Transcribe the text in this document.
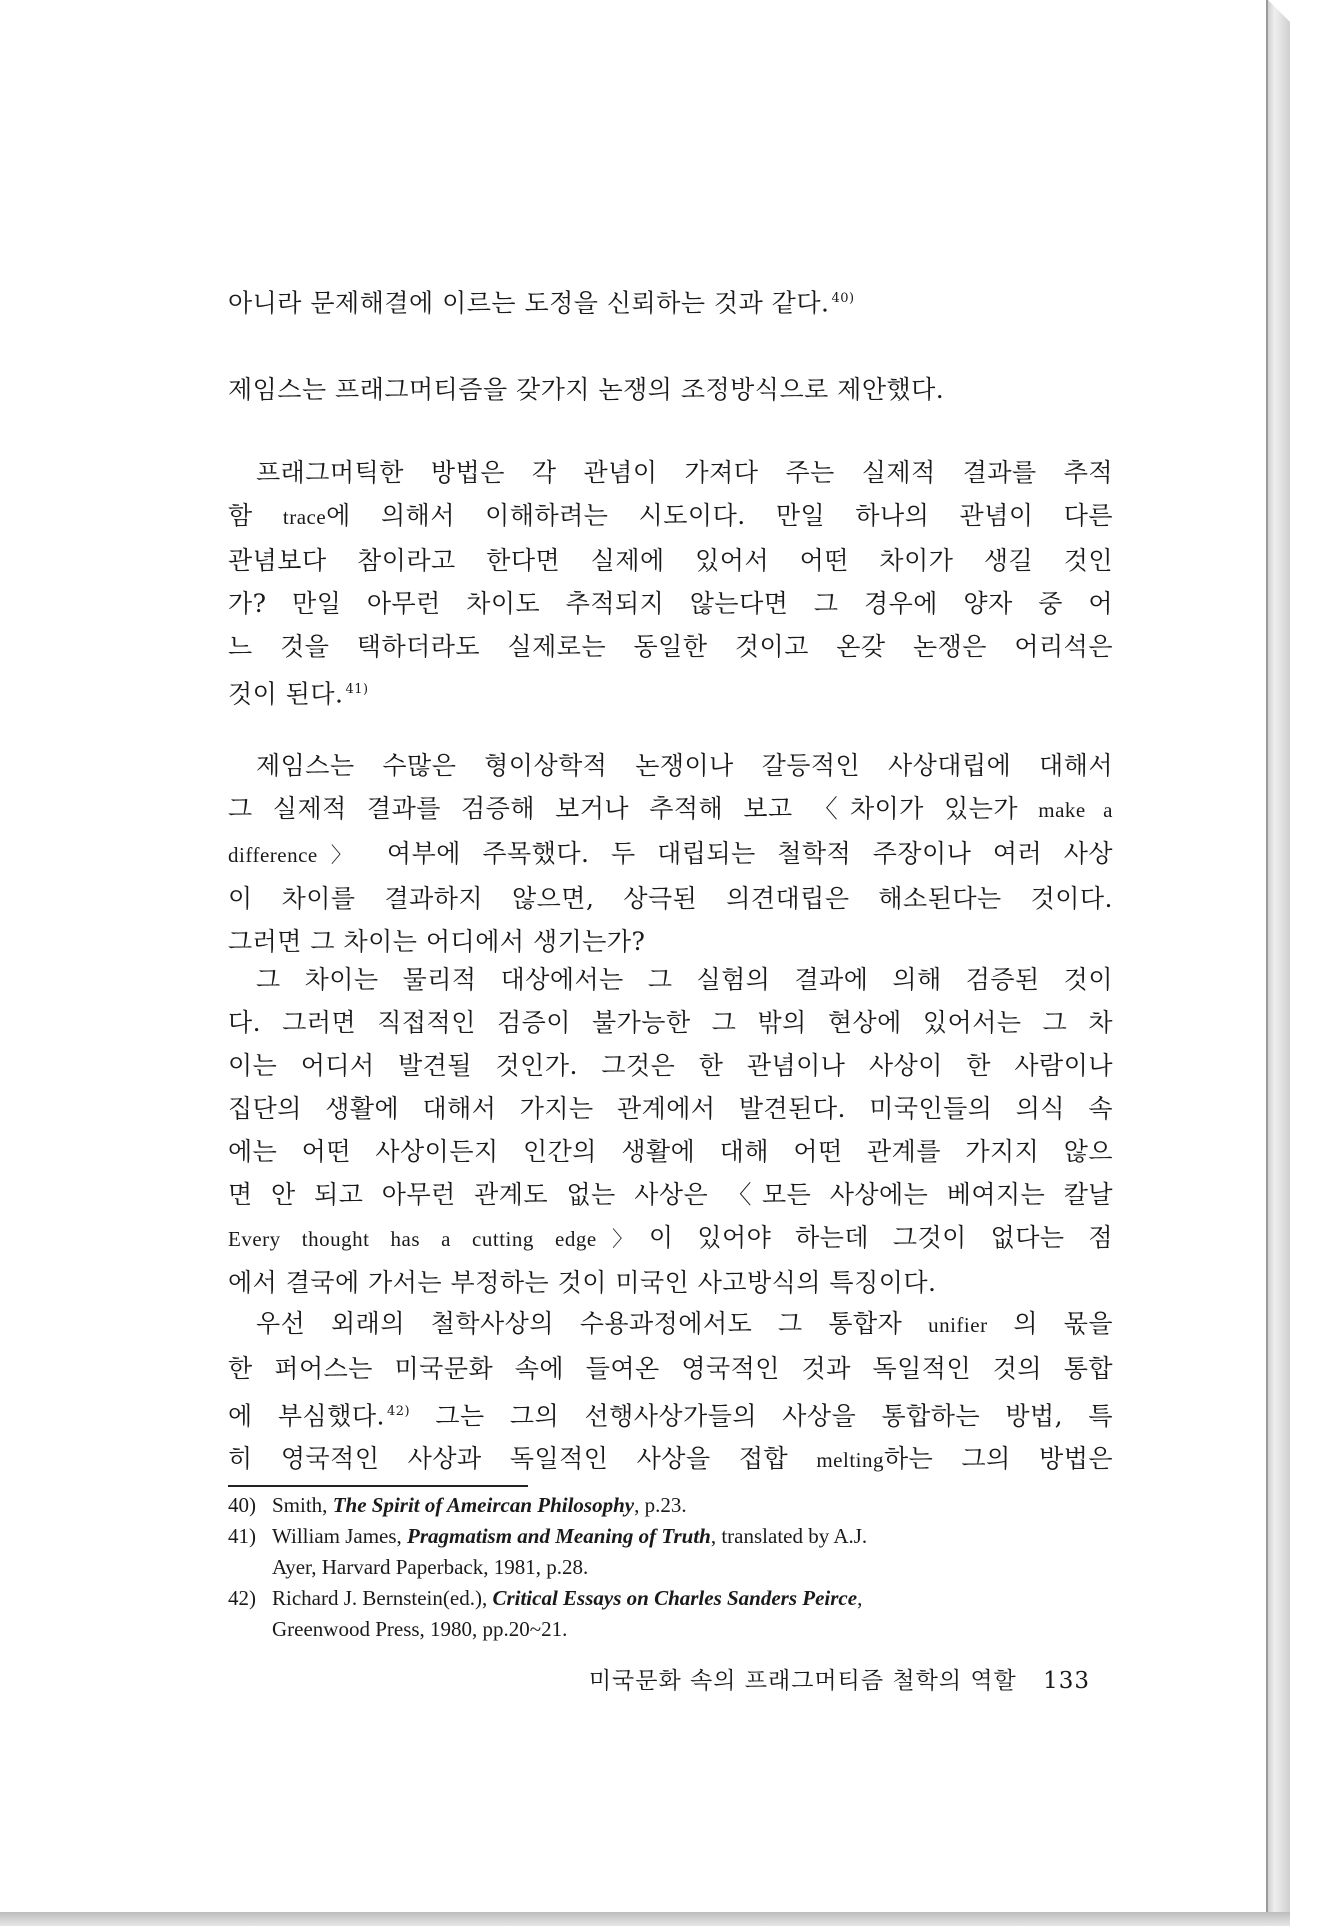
아니라 문제해결에 이르는 도정을 신뢰하는 것과 같다. $^{40)}$
제임스는 프래그머티즘을 갖가지 논쟁의 조정방식으로 제안했다.
프래그머틱한 방법은 각 관념이 가져다 주는 실제적 결과를 추적
함 trace에 의해서 이해하려는 시도이다. 만일 하나의 관념이 다른
관념보다 참이라고 한다면 실제에 있어서 어떤 차이가 생길 것인
가? 만일 아무런 차이도 추적되지 않는다면 그 경우에 양자 중 어
느 것을 택하더라도 실제로는 동일한 것이고 온갖 논쟁은 어리석은
것이 된다. $^{41)}$
제임스는 수많은 형이상학적 논쟁이나 갈등적인 사상대립에 대해서
그 실제적 결과를 검증해 보거나 추적해 보고 〈차이가 있는가 make a
difference〉 여부에 주목했다. 두 대립되는 철학적 주장이나 여러 사상
이 차이를 결과하지 않으면, 상극된 의견대립은 해소된다는 것이다.
그러면 그 차이는 어디에서 생기는가?
그 차이는 물리적 대상에서는 그 실험의 결과에 의해 검증된 것이
다. 그러면 직접적인 검증이 불가능한 그 밖의 현상에 있어서는 그 차
이는 어디서 발견될 것인가. 그것은 한 관념이나 사상이 한 사람이나
집단의 생활에 대해서 가지는 관계에서 발견된다. 미국인들의 의식 속
에는 어떤 사상이든지 인간의 생활에 대해 어떤 관계를 가지지 않으
면 안 되고 아무런 관계도 없는 사상은 〈모든 사상에는 베여지는 칼날
Every thought has a cutting edge〉이 있어야 하는데 그것이 없다는 점
에서 결국에 가서는 부정하는 것이 미국인 사고방식의 특징이다.
우선 외래의 철학사상의 수용과정에서도 그 통합자 unifier 의 몫을
한 퍼어스는 미국문화 속에 들여온 영국적인 것과 독일적인 것의 통합
에 부심했다. $^{42)}$ 그는 그의 선행사상가들의 사상을 통합하는 방법, 특
히 영국적인 사상과 독일적인 사상을 접합 melting하는 그의 방법은
40) Smith, The Spirit of Ameircan Philosophy, p.23.
41) William James, Pragmatism and Meaning of Truth, translated by A.J.
Ayer, Harvard Paperback, 1981, p.28.
42) Richard J. Bernstein(ed.), Critical Essays on Charles Sanders Peirce,
Greenwood Press, 1980, pp.20~21.
미국문화 속의 프래그머티즘 철학의 역할 133
